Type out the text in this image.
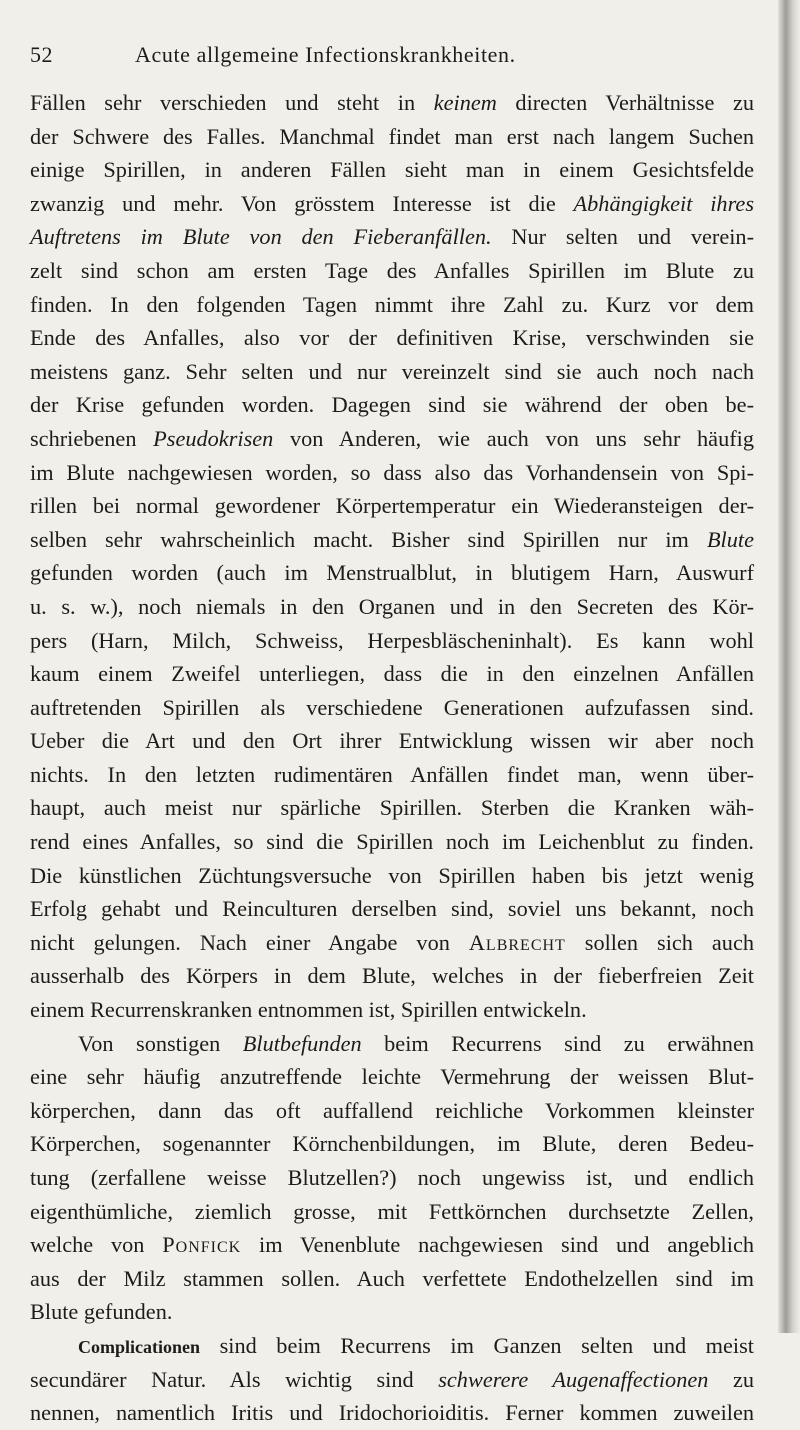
52	Acute allgemeine Infectionskrankheiten.
Fällen sehr verschieden und steht in keinem directen Verhältnisse zu
der Schwere des Falles. Manchmal findet man erst nach langem Suchen
einige Spirillen, in anderen Fällen sieht man in einem Gesichtsfelde
zwanzig und mehr. Von grösstem Interesse ist die Abhängigkeit ihres
Auftretens im Blute von den Fieberanfällen. Nur selten und verein-
zelt sind schon am ersten Tage des Anfalles Spirillen im Blute zu
finden. In den folgenden Tagen nimmt ihre Zahl zu. Kurz vor dem
Ende des Anfalles, also vor der definitiven Krise, verschwinden sie
meistens ganz. Sehr selten und nur vereinzelt sind sie auch noch nach
der Krise gefunden worden. Dagegen sind sie während der oben be-
schriebenen Pseudokrisen von Anderen, wie auch von uns sehr häufig
im Blute nachgewiesen worden, so dass also das Vorhandensein von Spi-
rillen bei normal gewordener Körpertemperatur ein Wiederansteigen der-
selben sehr wahrscheinlich macht. Bisher sind Spirillen nur im Blute
gefunden worden (auch im Menstrualblut, in blutigem Harn, Auswurf
u. s. w.), noch niemals in den Organen und in den Secreten des Kör-
pers (Harn, Milch, Schweiss, Herpesbläscheninhalt). Es kann wohl
kaum einem Zweifel unterliegen, dass die in den einzelnen Anfällen
auftretenden Spirillen als verschiedene Generationen aufzufassen sind.
Ueber die Art und den Ort ihrer Entwicklung wissen wir aber noch
nichts. In den letzten rudimentären Anfällen findet man, wenn über-
haupt, auch meist nur spärliche Spirillen. Sterben die Kranken wäh-
rend eines Anfalles, so sind die Spirillen noch im Leichenblut zu finden.
Die künstlichen Züchtungsversuche von Spirillen haben bis jetzt wenig
Erfolg gehabt und Reinculturen derselben sind, soviel uns bekannt, noch
nicht gelungen. Nach einer Angabe von Albrecht sollen sich auch
ausserhalb des Körpers in dem Blute, welches in der fieberfreien Zeit
einem Recurrenskranken entnommen ist, Spirillen entwickeln.
Von sonstigen Blutbefunden beim Recurrens sind zu erwähnen
eine sehr häufig anzutreffende leichte Vermehrung der weissen Blut-
körperchen, dann das oft auffallend reichliche Vorkommen kleinster
Körperchen, sogenannter Körnchenbildungen, im Blute, deren Bedeu-
tung (zerfallene weisse Blutzellen?) noch ungewiss ist, und endlich
eigenthümliche, ziemlich grosse, mit Fettkörnchen durchsetzte Zellen,
welche von Ponfick im Venenblute nachgewiesen sind und angeblich
aus der Milz stammen sollen. Auch verfettete Endothelzellen sind im
Blute gefunden.
Complicationen sind beim Recurrens im Ganzen selten und meist
secundärer Natur. Als wichtig sind schwerere Augenaffectionen zu
nennen, namentlich Iritis und Iridochorioiditis. Ferner kommen zuweilen
